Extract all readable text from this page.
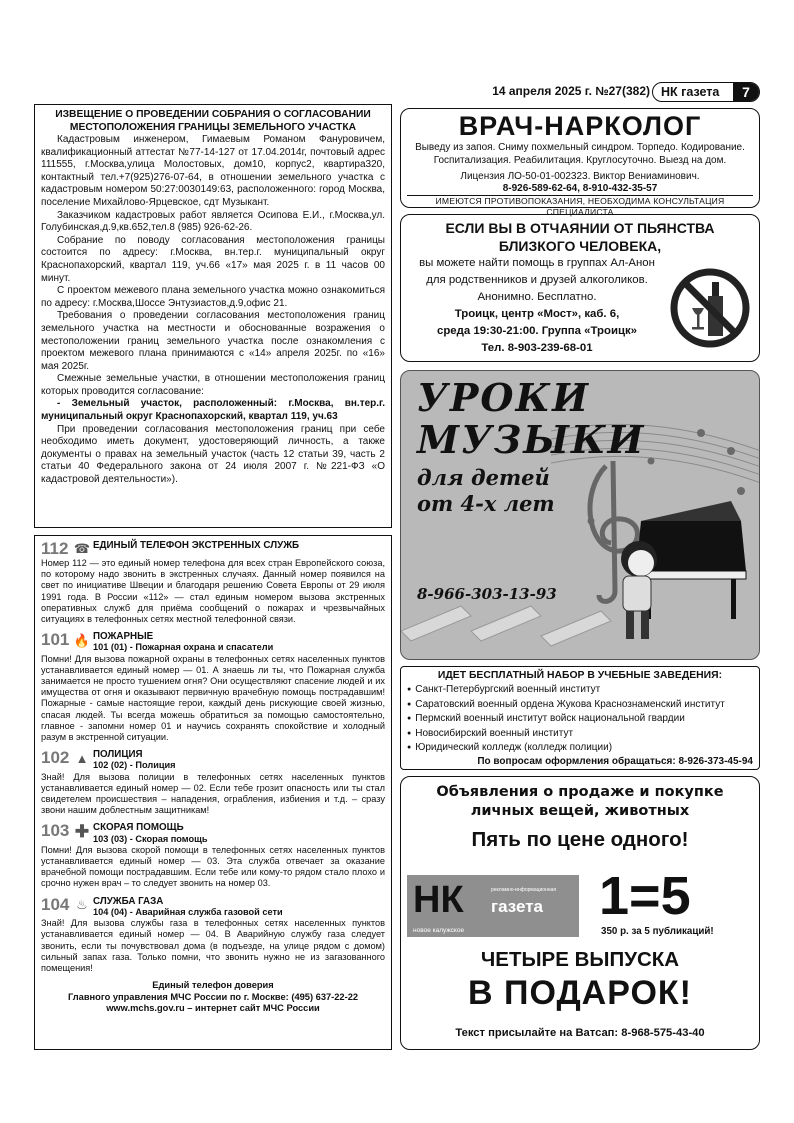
14 апреля 2025 г. №27(382) НК газета	7
ИЗВЕЩЕНИЕ О ПРОВЕДЕНИИ СОБРАНИЯ О СОГЛАСОВАНИИ МЕСТОПОЛОЖЕНИЯ ГРАНИЦЫ ЗЕМЕЛЬНОГО УЧАСТКА

Кадастровым инженером, Гимаевым Романом Фануровичем, квалификационный аттестат №77-14-127 от 17.04.2014г, почтовый адрес 111555, г.Москва,улица Молостовых, дом10, корпус2, квартира320, контактный тел.+7(925)276-07-64, в отношении земельного участка с кадастровым номером 50:27:0030149:63, расположенного: город Москва, поселение Михайлово-Ярцевское, сдт Музыкант.

Заказчиком кадастровых работ является Осипова Е.И., г.Москва,ул. Голубинская,д.9,кв.652,тел.8 (985) 926-62-26.

Собрание по поводу согласования местоположения границы состоится по адресу: г.Москва, вн.тер.г. муниципальный округ Краснопахорский, квартал 119, уч.66 «17» мая 2025 г. в 11 часов 00 минут.

С проектом межевого плана земельного участка можно ознакомиться по адресу: г.Москва,Шоссе Энтузиастов,д.9,офис 21.

Требования о проведении согласования местоположения границ земельного участка на местности и обоснованные возражения о местоположении границ земельного участка после ознакомления с проектом межевого плана принимаются с «14» апреля 2025г. по «16» мая 2025г.

Смежные земельные участки, в отношении местоположения границ которых проводится согласование:

- Земельный участок, расположенный: г.Москва, вн.тер.г. муниципальный округ Краснопахорский, квартал 119, уч.63

При проведении согласования местоположения границ при себе необходимо иметь документ, удостоверяющий личность, а также документы о правах на земельный участок (часть 12 статьи 39, часть 2 статьи 40 Федерального закона от 24 июля 2007 г. №221-ФЗ «О кадастровой деятельности»).

112 ☎ ЕДИНЫЙ ТЕЛЕФОН ЭКСТРЕННЫХ СЛУЖБ

Номер 112 — это единый номер телефона для всех стран Европейского союза, по которому надо звонить в экстренных случаях. Данный номер появился на свет по инициативе Швеции и благодаря решению Совета Европы от 29 июля 1991 года. В России «112» — стал единым номером вызова экстренных оперативных служб для приёма сообщений о пожарах и чрезвычайных ситуациях в телефонных сетях местной телефонной связи.

101 🔥 ПОЖАРНЫЕ
101 (01) - Пожарная охрана и спасатели

Помни! Для вызова пожарной охраны в телефонных сетях населенных пунктов устанавливается единый номер — 01. А знаешь ли ты, что Пожарная служба занимается не просто тушением огня? Они осуществляют спасение людей и их имущества от огня и оказывают первичную врачебную помощь пострадавшим! Пожарные - самые настоящие герои, каждый день рискующие своей жизнью, спасая людей. Ты всегда можешь обратиться за помощью самостоятельно, главное - запомни номер 01 и научись сохранять спокойствие и холодный разум в экстренной ситуации.

102 ▲ ПОЛИЦИЯ
102 (02) - Полиция

Знай! Для вызова полиции в телефонных сетях населенных пунктов устанавливается единый номер — 02. Если тебе грозит опасность или ты стал свидетелем происшествия – нападения, ограбления, избиения и т.д. – сразу звони нашим доблестным защитникам!

103 ✚ СКОРАЯ ПОМОЩЬ
103 (03) - Скорая помощь

Помни! Для вызова скорой помощи в телефонных сетях населенных пунктов устанавливается единый номер — 03. Эта служба отвечает за оказание врачебной помощи пострадавшим. Если тебе или кому-то рядом стало плохо и срочно нужен врач – то следует звонить на номер 03.

104 ♨ СЛУЖБА ГАЗА
104 (04) - Аварийная служба газовой сети

Знай! Для вызова службы газа в телефонных сетях населенных пунктов устанавливается единый номер — 04. В Аварийную службу газа следует звонить, если ты почувствовал дома (в подъезде, на улице рядом с домом) сильный запах газа. Только помни, что звонить нужно не из загазованного помещения!

Единый телефон доверия
Главного управления МЧС России по г. Москве: (495) 637-22-22
www.mchs.gov.ru – интернет сайт МЧС России
ВРАЧ-НАРКОЛОГ
Выведу из запоя. Сниму похмельный синдром. Торпедо. Кодирование.
Госпитализация. Реабилитация. Круглосуточно. Выезд на дом.
Лицензия ЛО-50-01-002323. Виктор Вениаминович.
8-926-589-62-64, 8-910-432-35-57
ИМЕЮТСЯ ПРОТИВОПОКАЗАНИЯ, НЕОБХОДИМА КОНСУЛЬТАЦИЯ СПЕЦИАЛИСТА
ЕСЛИ ВЫ В ОТЧАЯНИИ ОТ ПЬЯНСТВА
БЛИЗКОГО ЧЕЛОВЕКА,
вы можете найти помощь в группах Ал-Анон
для родственников и друзей алкоголиков.
Анонимно. Бесплатно.
Троицк, центр «Мост», каб. 6,
среда 19:30-21:00. Группа «Троицк»
Тел. 8-903-239-68-01
УРОКИ
МУЗЫКИ
для детей
от 4-х лет
8-966-303-13-93
ИДЕТ БЕСПЛАТНЫЙ НАБОР В УЧЕБНЫЕ ЗАВЕДЕНИЯ:
● Санкт-Петербургский военный институт
● Саратовский военный ордена Жукова Краснознаменский институт
● Пермский военный институт войск национальной гвардии
● Новосибирский военный институт
● Юридический колледж (колледж полиции)
По вопросам оформления обращаться: 8-926-373-45-94
Объявления о продаже и покупке
личных вещей, животных
Пять по цене одного!
НК	рекламно-информационная
газета
новое калужское
1=5
350 р. за 5 публикаций!
ЧЕТЫРЕ ВЫПУСКА
В ПОДАРОК!
Текст присылайте на Ватсап: 8-968-575-43-40
